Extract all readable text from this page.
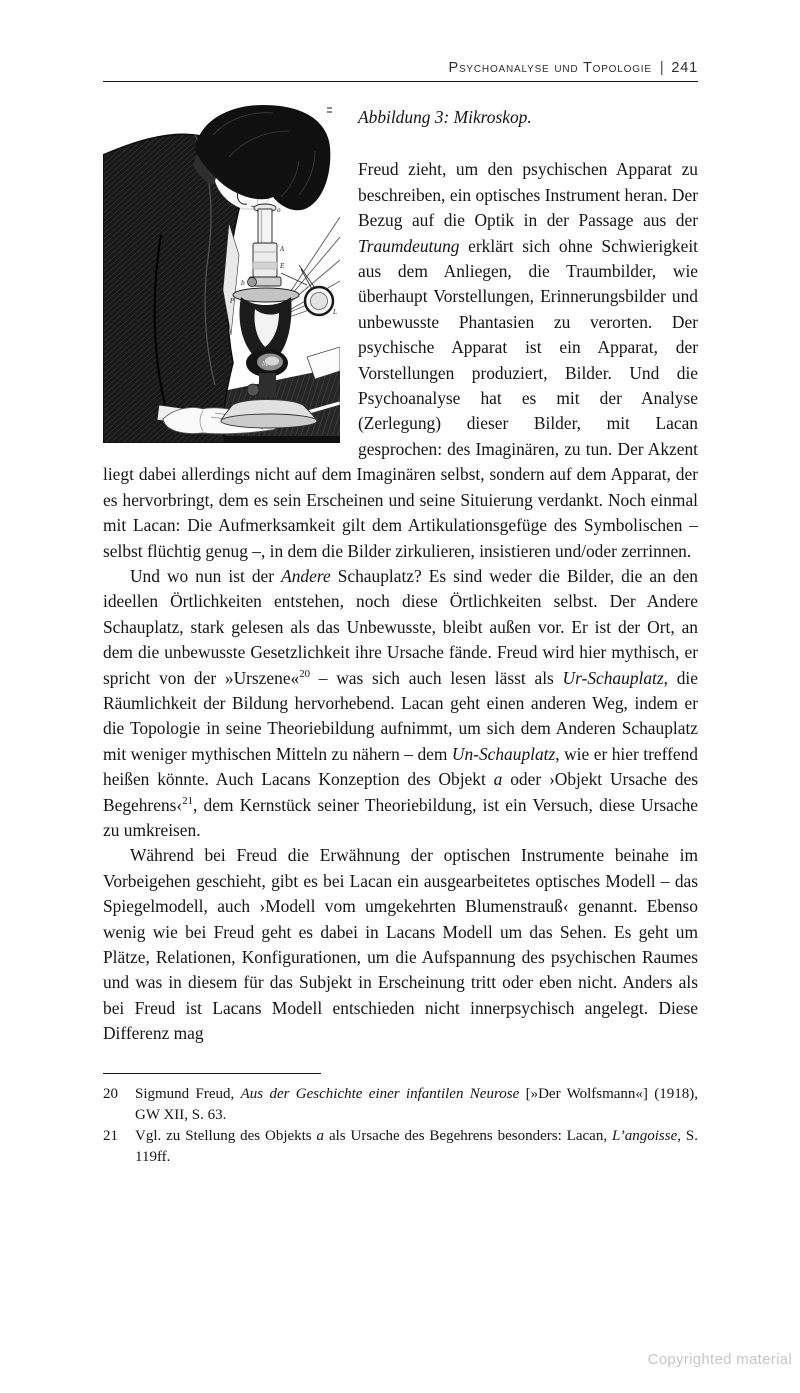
Psychoanalyse und Topologie | 241
o
A
E
b
P
L
M

Abbildung 3: Mikroskop.

Freud zieht, um den psychischen Apparat zu beschreiben, ein optisches Instrument heran. Der Bezug auf die Optik in der Passage aus der Traumdeutung erklärt sich ohne Schwierigkeit aus dem Anliegen, die Traumbilder, wie überhaupt Vorstellungen, Erinnerungsbilder und unbewusste Phantasien zu verorten. Der psychische Apparat ist ein Apparat, der Vorstellungen produziert, Bilder. Und die Psychoanalyse hat es mit der Analyse (Zerlegung) dieser Bilder, mit Lacan gesprochen: des Imaginären, zu tun. Der Akzent liegt dabei allerdings nicht auf dem Imaginären selbst, sondern auf dem Apparat, der es hervorbringt, dem es sein Erscheinen und seine Situierung verdankt. Noch einmal mit Lacan: Die Aufmerksamkeit gilt dem Artikulationsgefüge des Symbolischen – selbst flüchtig genug –, in dem die Bilder zirkulieren, insistieren und/oder zerrinnen.

Und wo nun ist der Andere Schauplatz? Es sind weder die Bilder, die an den ideellen Örtlichkeiten entstehen, noch diese Örtlichkeiten selbst. Der Andere Schauplatz, stark gelesen als das Unbewusste, bleibt außen vor. Er ist der Ort, an dem die unbewusste Gesetzlichkeit ihre Ursache fände. Freud wird hier mythisch, er spricht von der »Urszene«$^{20}$ – was sich auch lesen lässt als Ur-Schauplatz, die Räumlichkeit der Bildung hervorhebend. Lacan geht einen anderen Weg, indem er die Topologie in seine Theoriebildung aufnimmt, um sich dem Anderen Schauplatz mit weniger mythischen Mitteln zu nähern – dem Un-Schauplatz, wie er hier treffend heißen könnte. Auch Lacans Konzeption des Objekt a oder ›Objekt Ursache des Begehrens‹$^{21}$, dem Kernstück seiner Theoriebildung, ist ein Versuch, diese Ursache zu umkreisen.

Während bei Freud die Erwähnung der optischen Instrumente beinahe im Vorbeigehen geschieht, gibt es bei Lacan ein ausgearbeitetes optisches Modell – das Spiegelmodell, auch ›Modell vom umgekehrten Blumenstrauß‹ genannt. Ebenso wenig wie bei Freud geht es dabei in Lacans Modell um das Sehen. Es geht um Plätze, Relationen, Konfigurationen, um die Aufspannung des psychischen Raumes und was in diesem für das Subjekt in Erscheinung tritt oder eben nicht. Anders als bei Freud ist Lacans Modell entschieden nicht innerpsychisch angelegt. Diese Differenz mag

20	Sigmund Freud, Aus der Geschichte einer infantilen Neurose [»Der Wolfsmann«] (1918), GW XII, S. 63.
21	Vgl. zu Stellung des Objekts a als Ursache des Begehrens besonders: Lacan, L’angoisse, S. 119ff.
Copyrighted material
